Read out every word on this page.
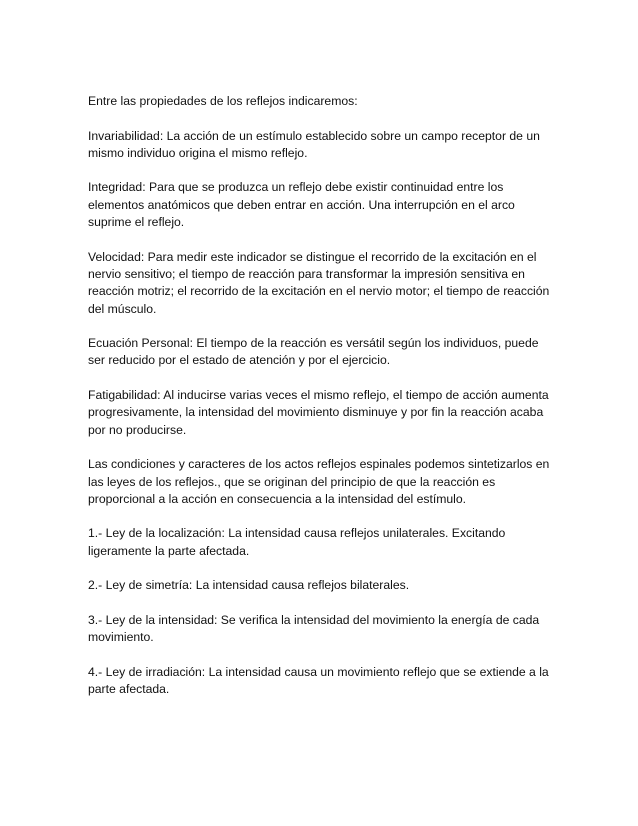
Entre las propiedades de los reflejos indicaremos:

Invariabilidad: La acción de un estímulo establecido sobre un campo receptor de un mismo individuo origina el mismo reflejo.

Integridad: Para que se produzca un reflejo debe existir continuidad entre los elementos anatómicos que deben entrar en acción. Una interrupción en el arco suprime el reflejo.

Velocidad: Para medir este indicador se distingue el recorrido de la excitación en el nervio sensitivo; el tiempo de reacción para transformar la impresión sensitiva en reacción motriz; el recorrido de la excitación en el nervio motor; el tiempo de reacción del músculo.

Ecuación Personal: El tiempo de la reacción es versátil según los individuos, puede ser reducido por el estado de atención y por el ejercicio.

Fatigabilidad: Al inducirse varias veces el mismo reflejo, el tiempo de acción aumenta progresivamente, la intensidad del movimiento disminuye y por fin la reacción acaba por no producirse.

Las condiciones y caracteres de los actos reflejos espinales podemos sintetizarlos en las leyes de los reflejos., que se originan del principio de que la reacción es proporcional a la acción en consecuencia a la intensidad del estímulo.

1.- Ley de la localización: La intensidad causa reflejos unilaterales. Excitando ligeramente la parte afectada.

2.- Ley de simetría: La intensidad causa reflejos bilaterales.

3.- Ley de la intensidad: Se verifica la intensidad del movimiento la energía de cada movimiento.

4.- Ley de irradiación: La intensidad causa un movimiento reflejo que se extiende a la parte afectada.
